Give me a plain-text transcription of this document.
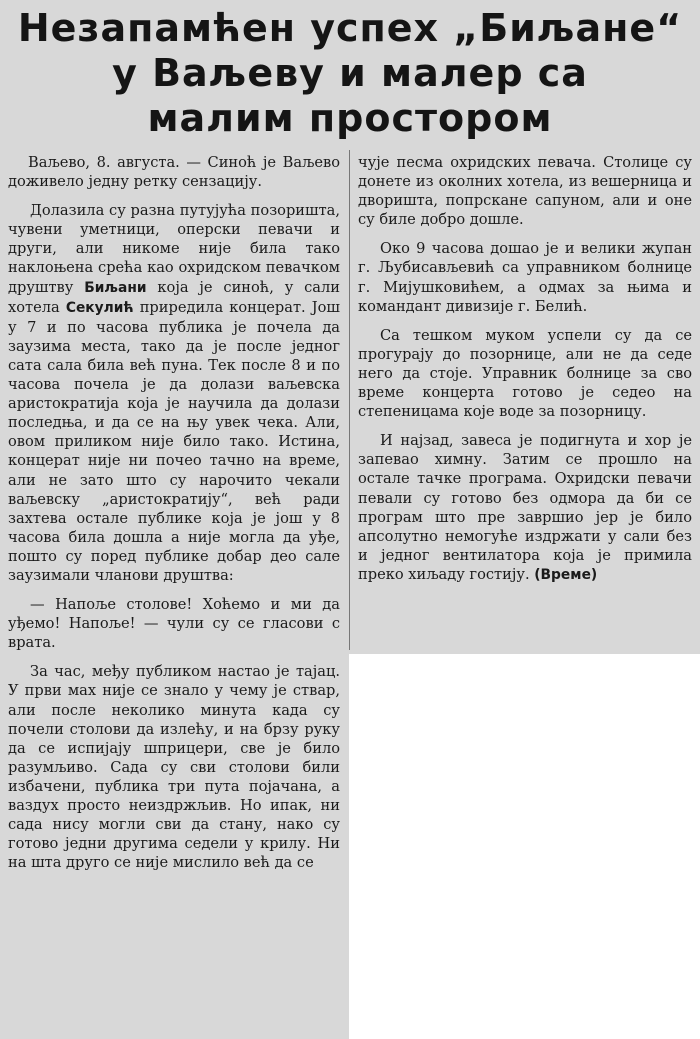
Незапамћен успех „Биљане“
у Ваљеву и малер са
малим простором

Ваљево, 8. августа. — Синоћ је Ваљево доживело једну ретку сензацију.

Долазила су разна путујућа позоришта, чувени уметници, оперски певачи и други, али никоме није била тако наклоњена срећа као охридском певачком друштву Биљани која је синоћ, у сали хотела Секулић приредила концерат. Још у 7 и по часова публика је почела да заузима места, тако да је после једног сата сала била већ пуна. Тек после 8 и по часова почела је да долази ваљевска аристократија која је научила да долази последња, и да се на њу увек чека. Али, овом приликом није било тако. Истина, концерат није ни почео тачно на време, али не зато што су нарочито чекали ваљевску „аристократију“, већ ради захтева остале публике која је још у 8 часова била дошла а није могла да уђе, пошто су поред публике добар део сале заузимали чланови друштва:

— Напоље столове! Хоћемо и ми да уђемо! Напоље! — чули су се гласови с врата.

За час, међу публиком настао је тајац. У први мах није се знало у чему је ствар, али после неколико минута када су почели столови да излећу, и на брзу руку да се испијају шприцери, све је било разумљиво. Сада су сви столови били избачени, публика три пута појачана, а ваздух просто неиздржљив. Но ипак, ни сада нису могли сви да стану, нако су готово једни другима седели у крилу. Ни на шта друго се није мислило већ да се

чује песма охридских певача. Столице су донете из околних хотела, из вешерница и дворишта, попрскане сапуном, али и оне су биле добро дошле.

Око 9 часова дошао је и велики жупан г. Љубисављевић са управником болнице г. Мијушковићем, а одмах за њима и командант дивизије г. Белић.

Са тешком муком успели су да се прогурају до позорнице, али не да седе него да стоје. Управник болнице за сво време концерта готово је седео на степеницама које воде за позорницу.

И најзад, завеса је подигнута и хор је запевао химну. Затим се прошло на остале тачке програма. Охридски певачи певали су готово без одмора да би се програм што пре завршио јер је било апсолутно немогуће издржати у сали без и једног вентилатора која је примила преко хиљаду гостију. (Време)
